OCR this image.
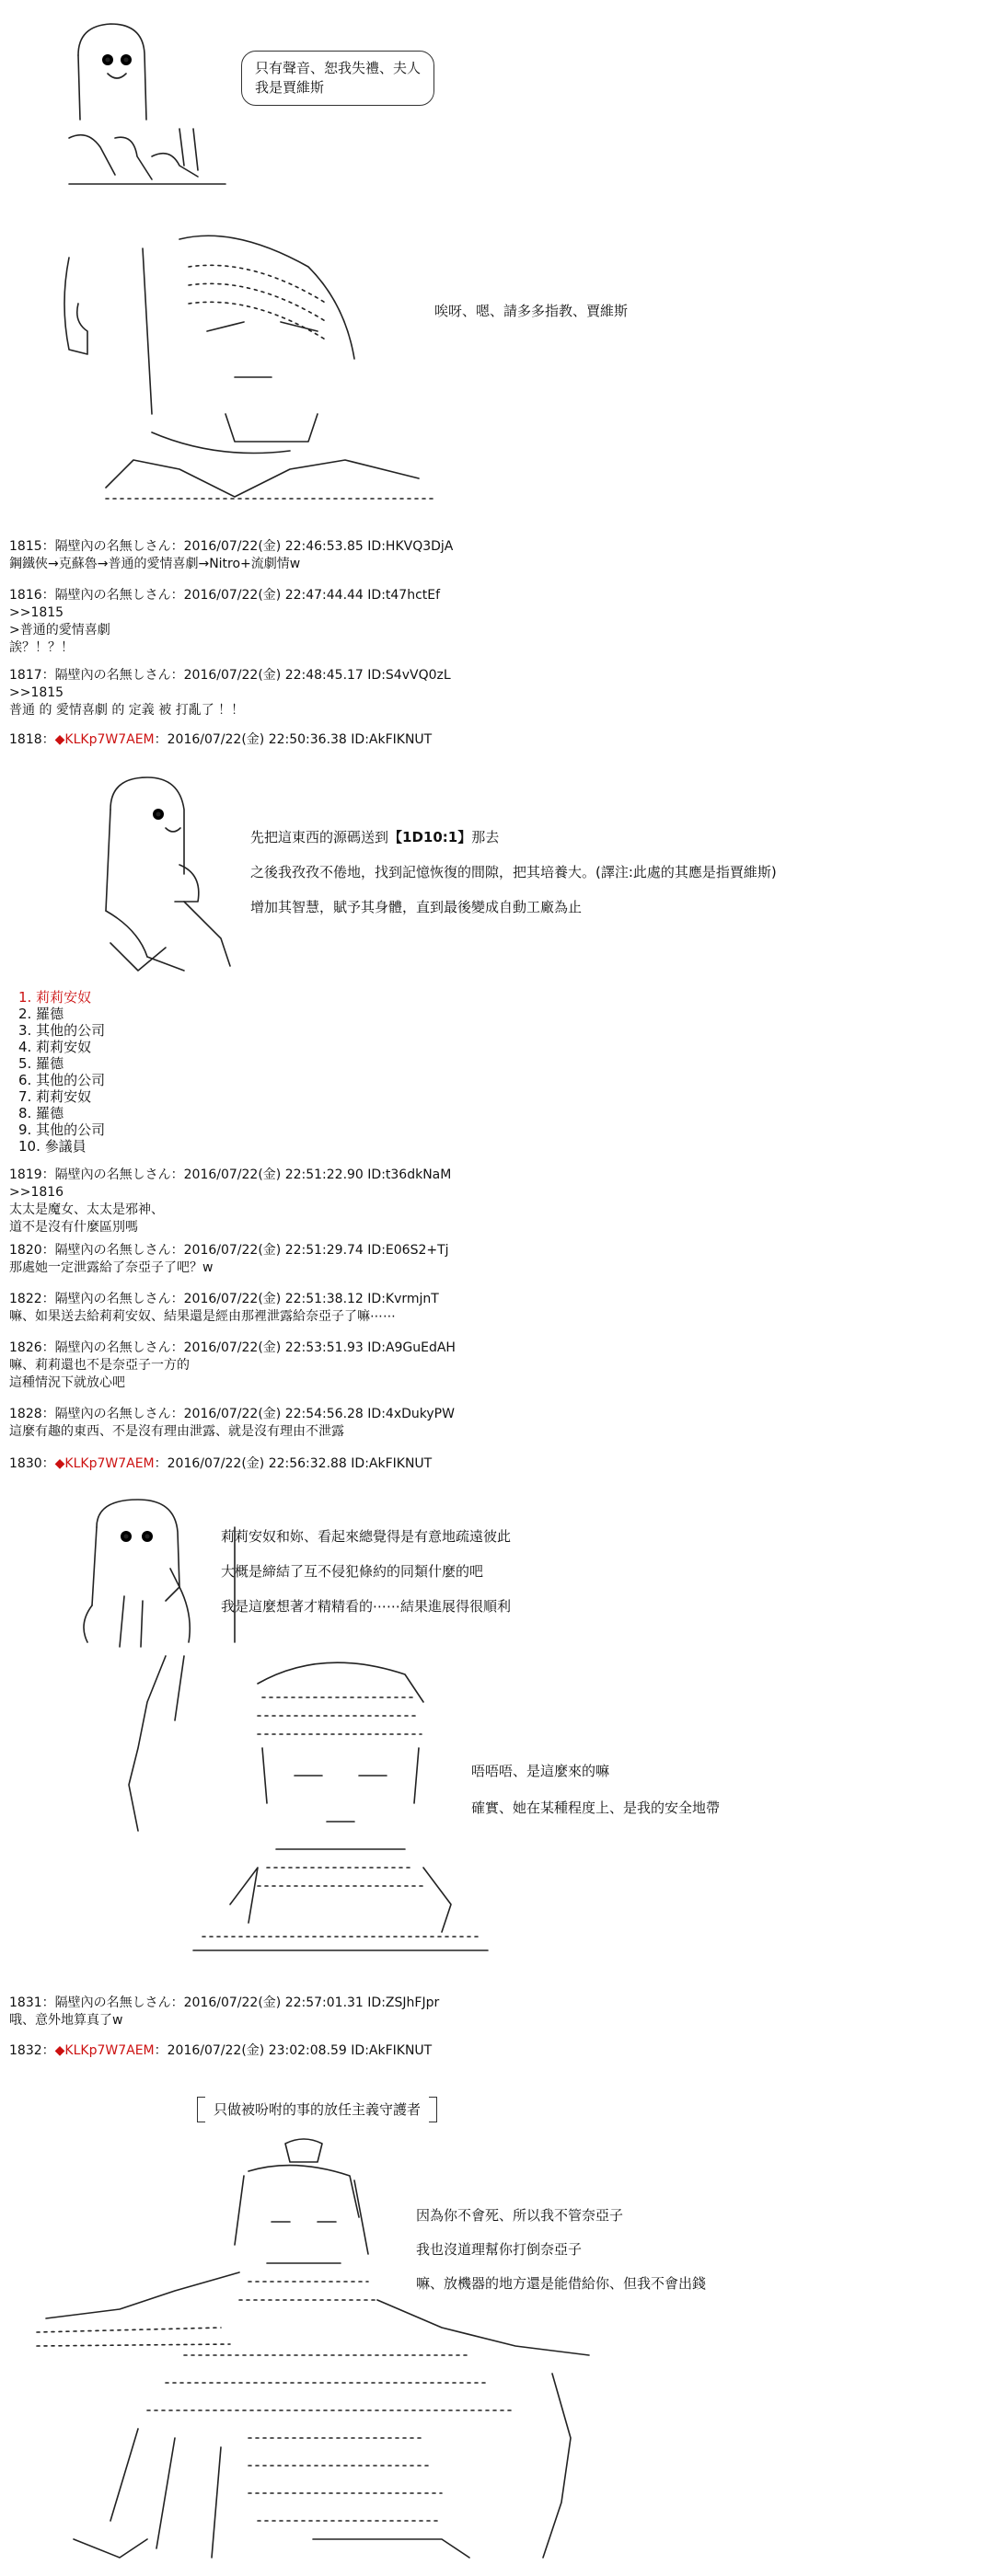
只有聲音、恕我失禮、夫人
我是賈維斯
唉呀、嗯、請多多指教、賈維斯
1815：隔壁內の名無しさん：2016/07/22(金) 22:46:53.85 ID:HKVQ3DjA
鋼鐵俠→克蘇魯→普通的愛情喜劇→Nitro+流劇情w
1816：隔壁內の名無しさん：2016/07/22(金) 22:47:44.44 ID:t47hctEf
>>1815
>普通的愛情喜劇
誒？！？！
1817：隔壁內の名無しさん：2016/07/22(金) 22:48:45.17 ID:S4vVQ0zL
>>1815
普通 的 愛情喜劇 的 定義 被 打亂了 ！！
1818：◆KLKp7W7AEM：2016/07/22(金) 22:50:36.38 ID:AkFIKNUT
先把這東西的源碼送到【1D10:1】那去
之後我孜孜不倦地，找到記憶恢復的間隙，把其培養大。(譯注:此處的其應是指賈維斯)
增加其智慧，賦予其身體，直到最後變成自動工廠為止
1. 莉莉安奴
2. 羅德
3. 其他的公司
4. 莉莉安奴
5. 羅德
6. 其他的公司
7. 莉莉安奴
8. 羅德
9. 其他的公司
10. 參議員
1819：隔壁內の名無しさん：2016/07/22(金) 22:51:22.90 ID:t36dkNaM
>>1816
太太是魔女、太太是邪神、
道不是沒有什麼區別嗎
1820：隔壁內の名無しさん：2016/07/22(金) 22:51:29.74 ID:E06S2+Tj
那處她一定泄露給了奈亞子了吧？w
1822：隔壁內の名無しさん：2016/07/22(金) 22:51:38.12 ID:KvrmjnT
嘛、如果送去給莉莉安奴、結果還是經由那裡泄露給奈亞子了嘛⋯⋯
1826：隔壁內の名無しさん：2016/07/22(金) 22:53:51.93 ID:A9GuEdAH
嘛、莉莉還也不是奈亞子一方的
這種情況下就放心吧
1828：隔壁內の名無しさん：2016/07/22(金) 22:54:56.28 ID:4xDukyPW
這麼有趣的東西、不是沒有理由泄露、就是沒有理由不泄露
1830：◆KLKp7W7AEM：2016/07/22(金) 22:56:32.88 ID:AkFIKNUT
莉莉安奴和妳、看起來總覺得是有意地疏遠彼此
大概是締結了互不侵犯條約的同類什麼的吧
我是這麼想著才精精看的⋯⋯結果進展得很順利
唔唔唔、是這麼來的嘛
確實、她在某種程度上、是我的安全地帶
1831：隔壁內の名無しさん：2016/07/22(金) 22:57:01.31 ID:ZSJhFJpr
哦、意外地算真了w
1832：◆KLKp7W7AEM：2016/07/22(金) 23:02:08.59 ID:AkFIKNUT
只做被吩咐的事的放任主義守護者
因為你不會死、所以我不管奈亞子
我也沒道理幫你打倒奈亞子
嘛、放機器的地方還是能借給你、但我不會出錢
